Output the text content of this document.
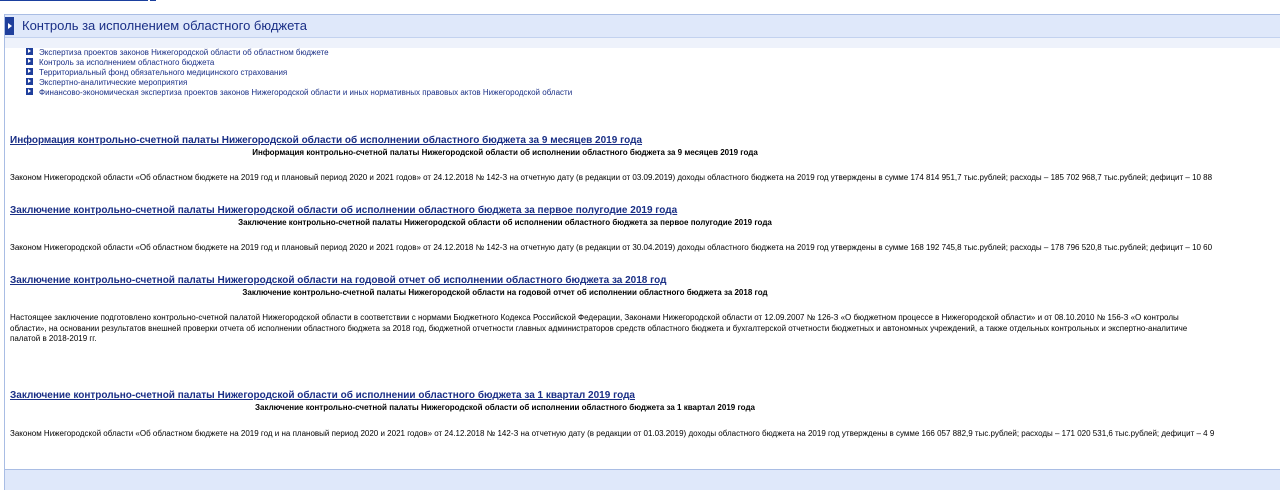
Контроль за исполнением областного бюджета
Экспертиза проектов законов Нижегородской области об областном бюджете
Контроль за исполнением областного бюджета
Территориальный фонд обязательного медицинского страхования
Экспертно-аналитические мероприятия
Финансово-экономическая экспертиза проектов законов Нижегородской области и иных нормативных правовых актов Нижегородской области
Информация контрольно-счетной палаты Нижегородской области об исполнении областного бюджета за 9 месяцев 2019 года
Информация контрольно-счетной палаты Нижегородской области об исполнении областного бюджета за 9 месяцев 2019 года
Законом Нижегородской области «Об областном бюджете на 2019 год и плановый период 2020 и 2021 годов» от 24.12.2018 № 142-З на отчетную дату (в редакции от 03.09.2019) доходы областного бюджета на 2019 год утверждены в сумме 174 814 951,7 тыс.рублей; расходы – 185 702 968,7 тыс.рублей; дефицит – 10 88
Заключение контрольно-счетной палаты Нижегородской области об исполнении областного бюджета за первое полугодие 2019 года
Заключение контрольно-счетной палаты Нижегородской области об исполнении областного бюджета за первое полугодие 2019 года
Законом Нижегородской области «Об областном бюджете на 2019 год и плановый период 2020 и 2021 годов» от 24.12.2018 № 142-З на отчетную дату (в редакции от 30.04.2019) доходы областного бюджета на 2019 год утверждены в сумме 168 192 745,8 тыс.рублей; расходы – 178 796 520,8 тыс.рублей; дефицит – 10 60
Заключение контрольно-счетной палаты Нижегородской области на годовой отчет об исполнении областного бюджета за 2018 год
Заключение контрольно-счетной палаты Нижегородской области на годовой отчет об исполнении областного бюджета за 2018 год
Настоящее заключение подготовлено контрольно-счетной палатой Нижегородской области в соответствии с нормами Бюджетного Кодекса Российской Федерации, Законами Нижегородской области от 12.09.2007 № 126-З «О бюджетном процессе в Нижегородской области» и от 08.10.2010 № 156-З «О контролы
области», на основании результатов внешней проверки отчета об исполнении областного бюджета за 2018 год, бюджетной отчетности главных администраторов средств областного бюджета и бухгалтерской отчетности бюджетных и автономных учреждений, а также отдельных контрольных и экспертно-аналитиче
палатой в 2018-2019 гг.
Заключение контрольно-счетной палаты Нижегородской области об исполнении областного бюджета за 1 квартал 2019 года
Заключение контрольно-счетной палаты Нижегородской области об исполнении областного бюджета за 1 квартал 2019 года
Законом Нижегородской области «Об областном бюджете на 2019 год и на плановый период 2020 и 2021 годов» от 24.12.2018 № 142-З на отчетную дату (в редакции от 01.03.2019) доходы областного бюджета на 2019 год утверждены в сумме 166 057 882,9 тыс.рублей; расходы – 171 020 531,6 тыс.рублей; дефицит – 4 9
